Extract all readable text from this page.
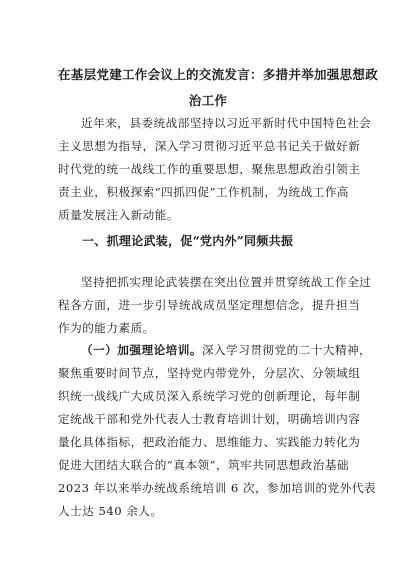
在基层党建工作会议上的交流发言：多措并举加强思想政
治工作
近年来，县委统战部坚持以习近平新时代中国特色社会
主义思想为指导，深入学习贯彻习近平总书记关于做好新
时代党的统一战线工作的重要思想，聚焦思想政治引领主
责主业，积极探索“四抓四促”工作机制，为统战工作高
质量发展注入新动能。
一、抓理论武装，促“党内外”同频共振
坚持把抓实理论武装摆在突出位置并贯穿统战工作全过
程各方面，进一步引导统战成员坚定理想信念，提升担当
作为的能力素质。
（一）加强理论培训。深入学习贯彻党的二十大精神，
聚焦重要时间节点，坚持党内带党外，分层次、分领域组
织统一战线广大成员深入系统学习党的创新理论，每年制
定统战干部和党外代表人士教育培训计划，明确培训内容
量化具体指标，把政治能力、思维能力、实践能力转化为
促进大团结大联合的“真本领”，筑牢共同思想政治基础
2023 年以来举办统战系统培训 6 次，参加培训的党外代表
人士达 540 余人。
